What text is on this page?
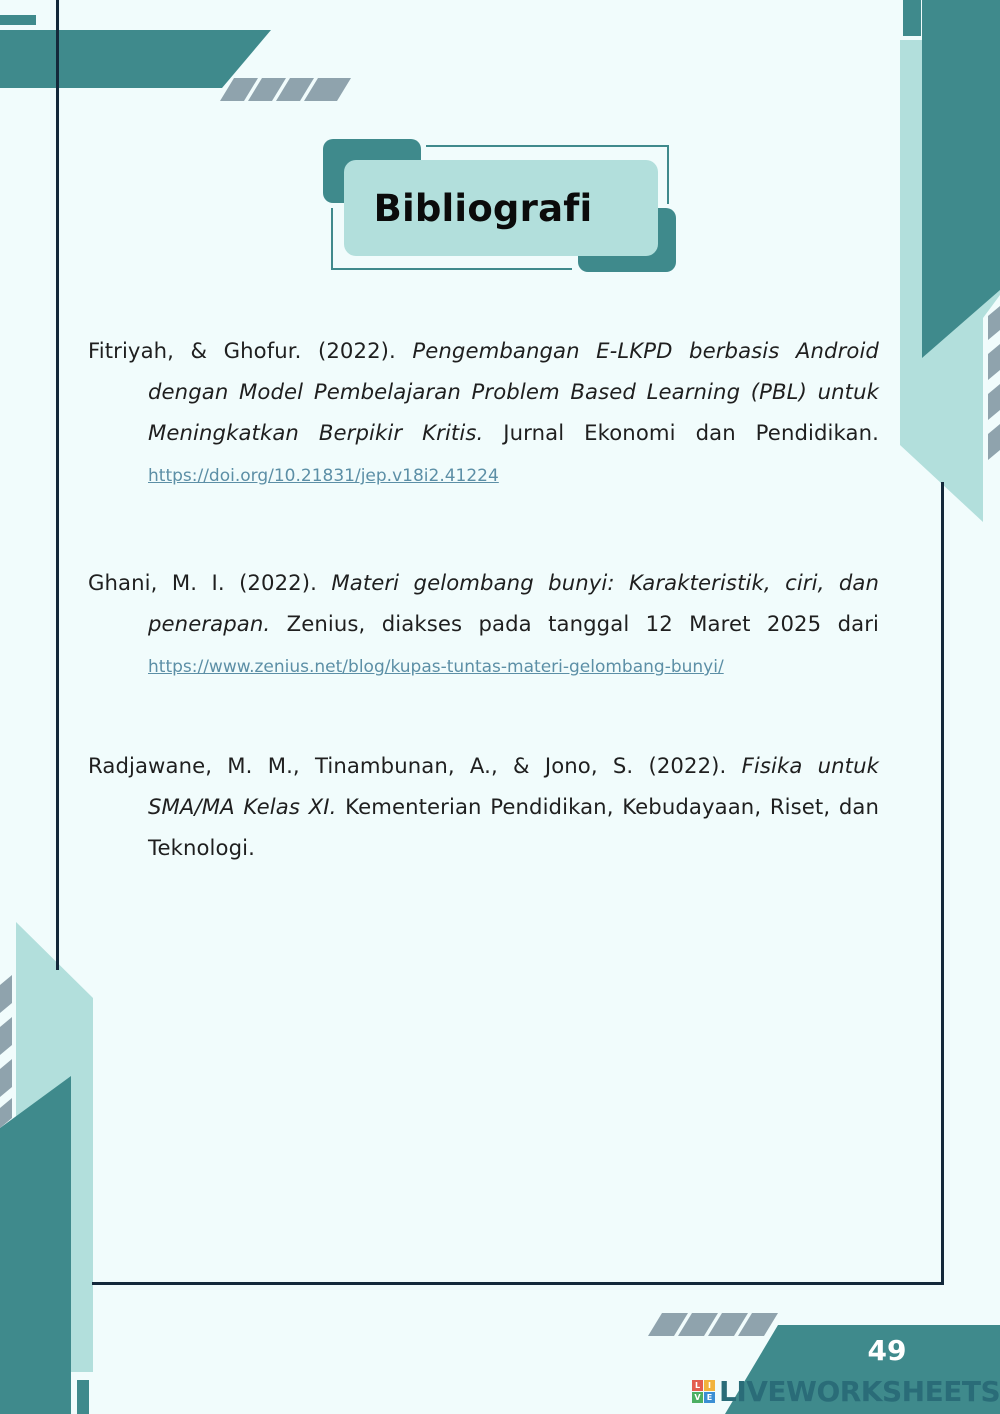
Bibliografi
Fitriyah, & Ghofur. (2022). Pengembangan E-LKPD berbasis Android dengan Model Pembelajaran Problem Based Learning (PBL) untuk Meningkatkan Berpikir Kritis. Jurnal Ekonomi dan Pendidikan. https://doi.org/10.21831/jep.v18i2.41224
Ghani, M. I. (2022). Materi gelombang bunyi: Karakteristik, ciri, dan penerapan. Zenius, diakses pada tanggal 12 Maret 2025 dari https://www.zenius.net/blog/kupas-tuntas-materi-gelombang-bunyi/
Radjawane, M. M., Tinambunan, A., & Jono, S. (2022). Fisika untuk SMA/MA Kelas XI. Kementerian Pendidikan, Kebudayaan, Riset, dan Teknologi.
49
L I
V E LIVEWORKSHEETS
